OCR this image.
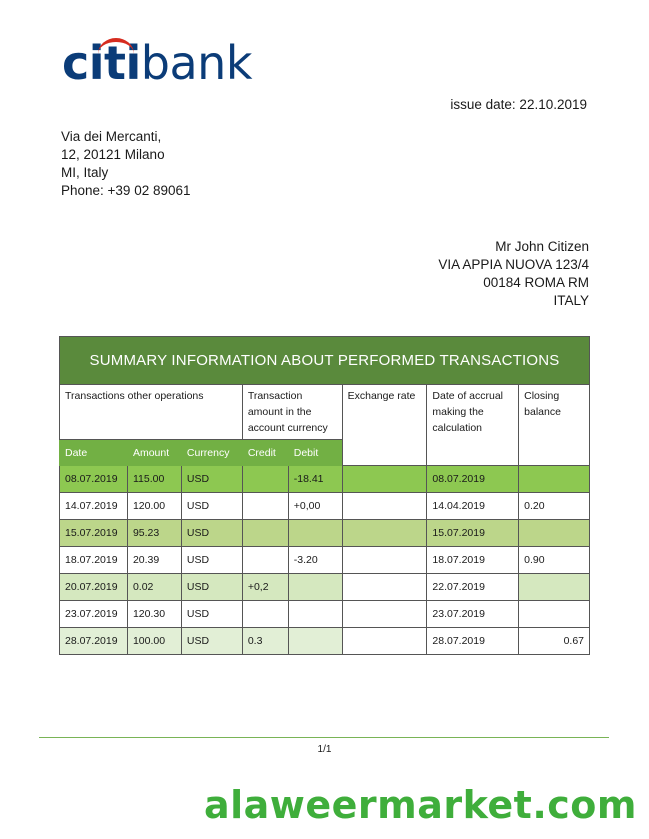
citibank
issue date: 22.10.2019
Via dei Mercanti,
12, 20121 Milano
MI, Italy
Phone: +39 02 89061
Mr John Citizen
VIA APPIA NUOVA 123/4
00184 ROMA RM
ITALY
SUMMARY INFORMATION ABOUT PERFORMED TRANSACTIONS							
Transactions other operations			Transaction amount in the account currency		Exchange rate	Date of accrual making the calculation	Closing balance
Date	Amount	Currency	Credit	Debit			
08.07.2019	115.00	USD		-18.41		08.07.2019	
14.07.2019	120.00	USD		+0,00		14.04.2019	0.20
15.07.2019	95.23	USD				15.07.2019	
18.07.2019	20.39	USD		-3.20		18.07.2019	0.90
20.07.2019	0.02	USD	+0,2			22.07.2019	
23.07.2019	120.30	USD				23.07.2019	
28.07.2019	100.00	USD	0.3			28.07.2019	0.67
1/1
alaweermarket.com
